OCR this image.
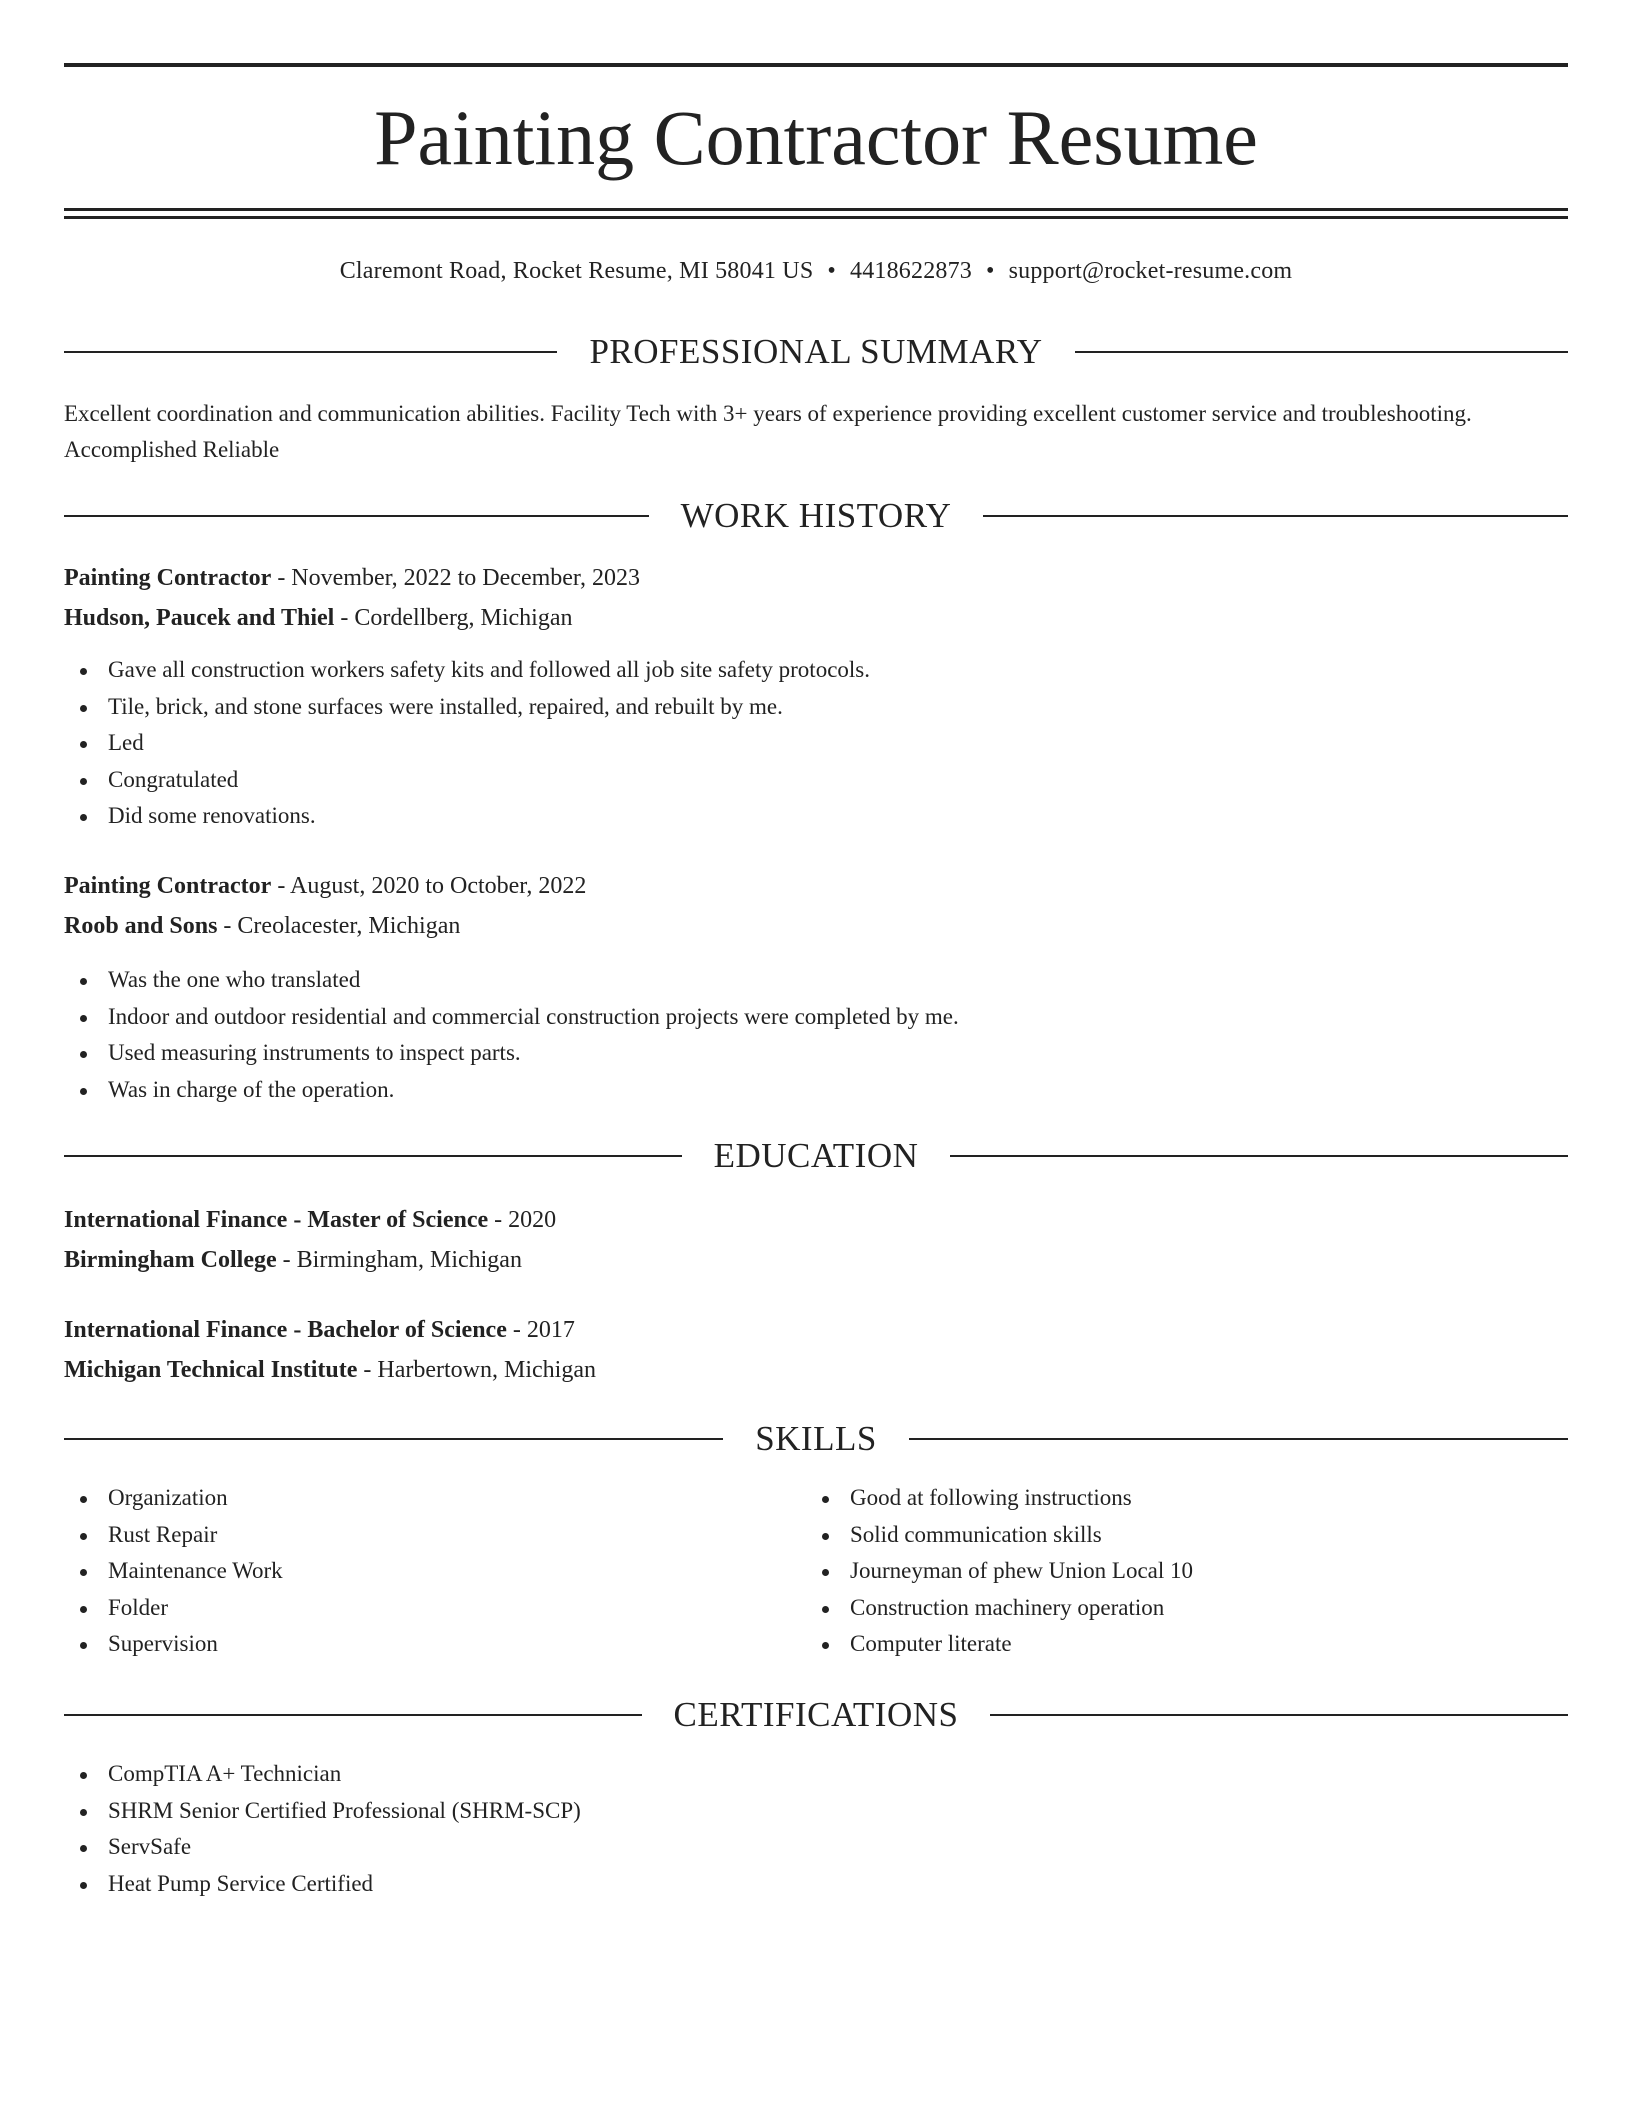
Painting Contractor Resume
Claremont Road, Rocket Resume, MI 58041 US • 4418622873 • support@rocket-resume.com
PROFESSIONAL SUMMARY

Excellent coordination and communication abilities. Facility Tech with 3+ years of experience providing excellent customer service and troubleshooting. Accomplished Reliable

WORK HISTORY
Painting Contractor - November, 2022 to December, 2023
Hudson, Paucek and Thiel - Cordellberg, Michigan
Gave all construction workers safety kits and followed all job site safety protocols.
Tile, brick, and stone surfaces were installed, repaired, and rebuilt by me.
Led
Congratulated
Did some renovations.
Painting Contractor - August, 2020 to October, 2022
Roob and Sons - Creolacester, Michigan
Was the one who translated
Indoor and outdoor residential and commercial construction projects were completed by me.
Used measuring instruments to inspect parts.
Was in charge of the operation.
EDUCATION
International Finance - Master of Science - 2020
Birmingham College - Birmingham, Michigan
International Finance - Bachelor of Science - 2017
Michigan Technical Institute - Harbertown, Michigan
SKILLS
Organization
Rust Repair
Maintenance Work
Folder
Supervision
Good at following instructions
Solid communication skills
Journeyman of phew Union Local 10
Construction machinery operation
Computer literate
CERTIFICATIONS
CompTIA A+ Technician
SHRM Senior Certified Professional (SHRM-SCP)
ServSafe
Heat Pump Service Certified
